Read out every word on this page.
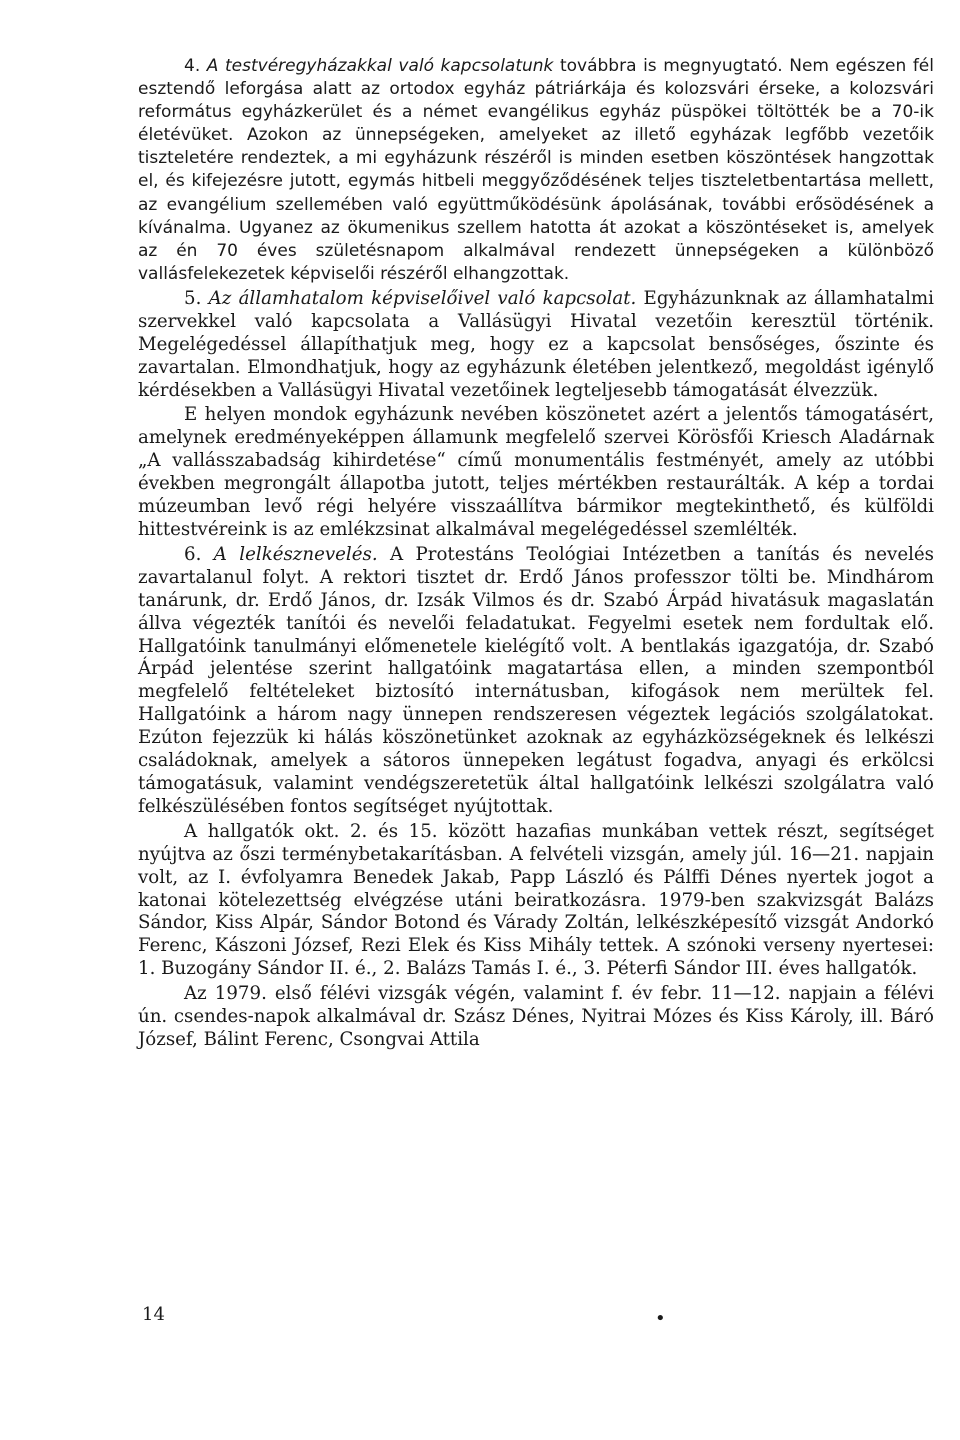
4. A testvéregyházakkal való kapcsolatunk továbbra is megnyugtató. Nem egészen fél esztendő leforgása alatt az ortodox egyház pátriárkája és kolozsvári érseke, a kolozsvári református egyházkerület és a német evangélikus egyház püspökei töltötték be a 70-ik életévüket. Azokon az ünnepségeken, amelyeket az illető egyházak legfőbb vezetőik tiszteletére rendeztek, a mi egyházunk részéről is minden esetben köszöntések hangzottak el, és kifejezésre jutott, egymás hitbeli meggyőződésének teljes tiszteletbentartása mellett, az evangélium szellemében való együttműködésünk ápolásának, további erősödésének a kívánalma. Ugyanez az ökumenikus szellem hatotta át azokat a köszöntéseket is, amelyek az én 70 éves születésnapom alkalmával rendezett ünnepségeken a különböző vallásfelekezetek képviselői részéről elhangzottak.

5. Az államhatalom képviselőivel való kapcsolat. Egyházunknak az államhatalmi szervekkel való kapcsolata a Vallásügyi Hivatal vezetőin keresztül történik. Megelégedéssel állapíthatjuk meg, hogy ez a kapcsolat bensőséges, őszinte és zavartalan. Elmondhatjuk, hogy az egyházunk életében jelentkező, megoldást igénylő kérdésekben a Vallásügyi Hivatal vezetőinek legteljesebb támogatását élvezzük.

E helyen mondok egyházunk nevében köszönetet azért a jelentős támogatásért, amelynek eredményeképpen államunk megfelelő szervei Körösfői Kriesch Aladárnak „A vallásszabadság kihirdetése“ című monumentális festményét, amely az utóbbi években megrongált állapotba jutott, teljes mértékben restaurálták. A kép a tordai múzeumban levő régi helyére visszaállítva bármikor megtekinthető, és külföldi hittestvéreink is az emlékzsinat alkalmával megelégedéssel szemlélték.

6. A lelkésznevelés. A Protestáns Teológiai Intézetben a tanítás és nevelés zavartalanul folyt. A rektori tisztet dr. Erdő János professzor tölti be. Mindhárom tanárunk, dr. Erdő János, dr. Izsák Vilmos és dr. Szabó Árpád hivatásuk magaslatán állva végezték tanítói és nevelői feladatukat. Fegyelmi esetek nem fordultak elő. Hallgatóink tanulmányi előmenetele kielégítő volt. A bentlakás igazgatója, dr. Szabó Árpád jelentése szerint hallgatóink magatartása ellen, a minden szempontból megfelelő feltételeket biztosító internátusban, kifogások nem merültek fel. Hallgatóink a három nagy ünnepen rendszeresen végeztek legációs szolgálatokat. Ezúton fejezzük ki hálás köszönetünket azoknak az egyházközségeknek és lelkészi családoknak, amelyek a sátoros ünnepeken legátust fogadva, anyagi és erkölcsi támogatásuk, valamint vendégszeretetük által hallgatóink lelkészi szolgálatra való felkészülésében fontos segítséget nyújtottak.

A hallgatók okt. 2. és 15. között hazafias munkában vettek részt, segítséget nyújtva az őszi terménybetakarításban. A felvételi vizsgán, amely júl. 16—21. napjain volt, az I. évfolyamra Benedek Jakab, Papp László és Pálffi Dénes nyertek jogot a katonai kötelezettség elvégzése utáni beiratkozásra. 1979-ben szakvizsgát Balázs Sándor, Kiss Alpár, Sándor Botond és Várady Zoltán, lelkészképesítő vizsgát Andorkó Ferenc, Kászoni József, Rezi Elek és Kiss Mihály tettek. A szónoki verseny nyertesei: 1. Buzogány Sándor II. é., 2. Balázs Tamás I. é., 3. Péterfi Sándor III. éves hallgatók.

Az 1979. első félévi vizsgák végén, valamint f. év febr. 11—12. napjain a félévi ún. csendes-napok alkalmával dr. Szász Dénes, Nyitrai Mózes és Kiss Károly, ill. Báró József, Bálint Ferenc, Csongvai Attila

14	•
